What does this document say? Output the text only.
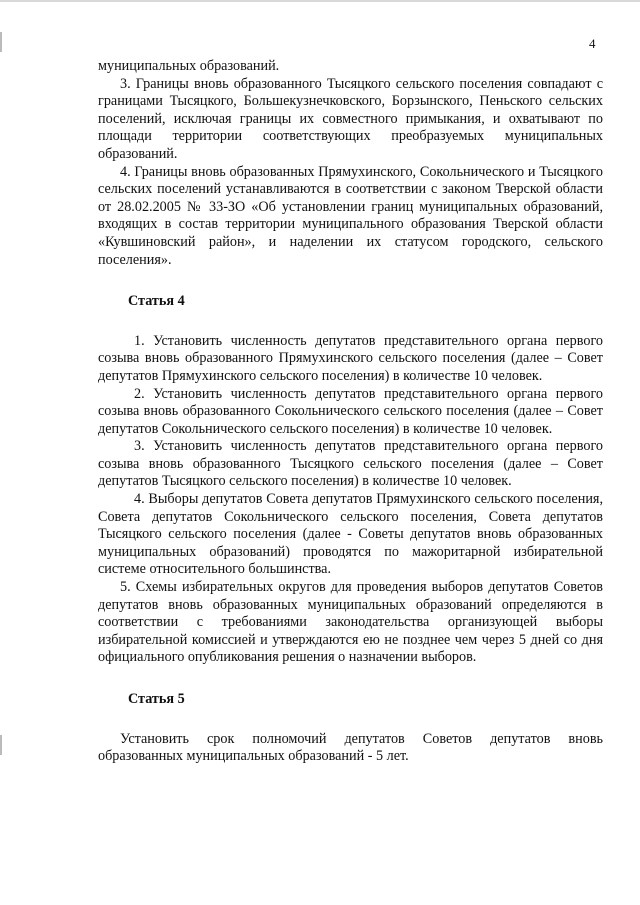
4

муниципальных образований.

3. Границы вновь образованного Тысяцкого сельского поселения совпадают с границами Тысяцкого, Большекузнечковского, Борзынского, Пеньского сельских поселений, исключая границы их совместного примыкания, и охватывают по площади территории соответствующих преобразуемых муниципальных образований.

4. Границы вновь образованных Прямухинского, Сокольнического и Тысяцкого сельских поселений устанавливаются в соответствии с законом Тверской области от 28.02.2005 № 33-ЗО «Об установлении границ муниципальных образований, входящих в состав территории муниципального образования Тверской области «Кувшиновский район», и наделении их статусом городского, сельского поселения».

Статья 4

1. Установить численность депутатов представительного органа первого созыва вновь образованного Прямухинского сельского поселения (далее – Совет депутатов Прямухинского сельского поселения) в количестве 10 человек.

2. Установить численность депутатов представительного органа первого созыва вновь образованного Сокольнического сельского поселения (далее – Совет депутатов Сокольнического сельского поселения) в количестве 10 человек.

3. Установить численность депутатов представительного органа первого созыва вновь образованного Тысяцкого сельского поселения (далее – Совет депутатов Тысяцкого сельского поселения) в количестве 10 человек.

4. Выборы депутатов Совета депутатов Прямухинского сельского поселения, Совета депутатов Сокольнического сельского поселения, Совета депутатов Тысяцкого сельского поселения (далее - Советы депутатов вновь образованных муниципальных образований) проводятся по мажоритарной избирательной системе относительного большинства.

5. Схемы избирательных округов для проведения выборов депутатов Советов депутатов вновь образованных муниципальных образований определяются в соответствии с требованиями законодательства организующей выборы избирательной комиссией и утверждаются ею не позднее чем через 5 дней со дня официального опубликования решения о назначении выборов.

Статья 5

Установить срок полномочий депутатов Советов депутатов вновь образованных муниципальных образований - 5 лет.
